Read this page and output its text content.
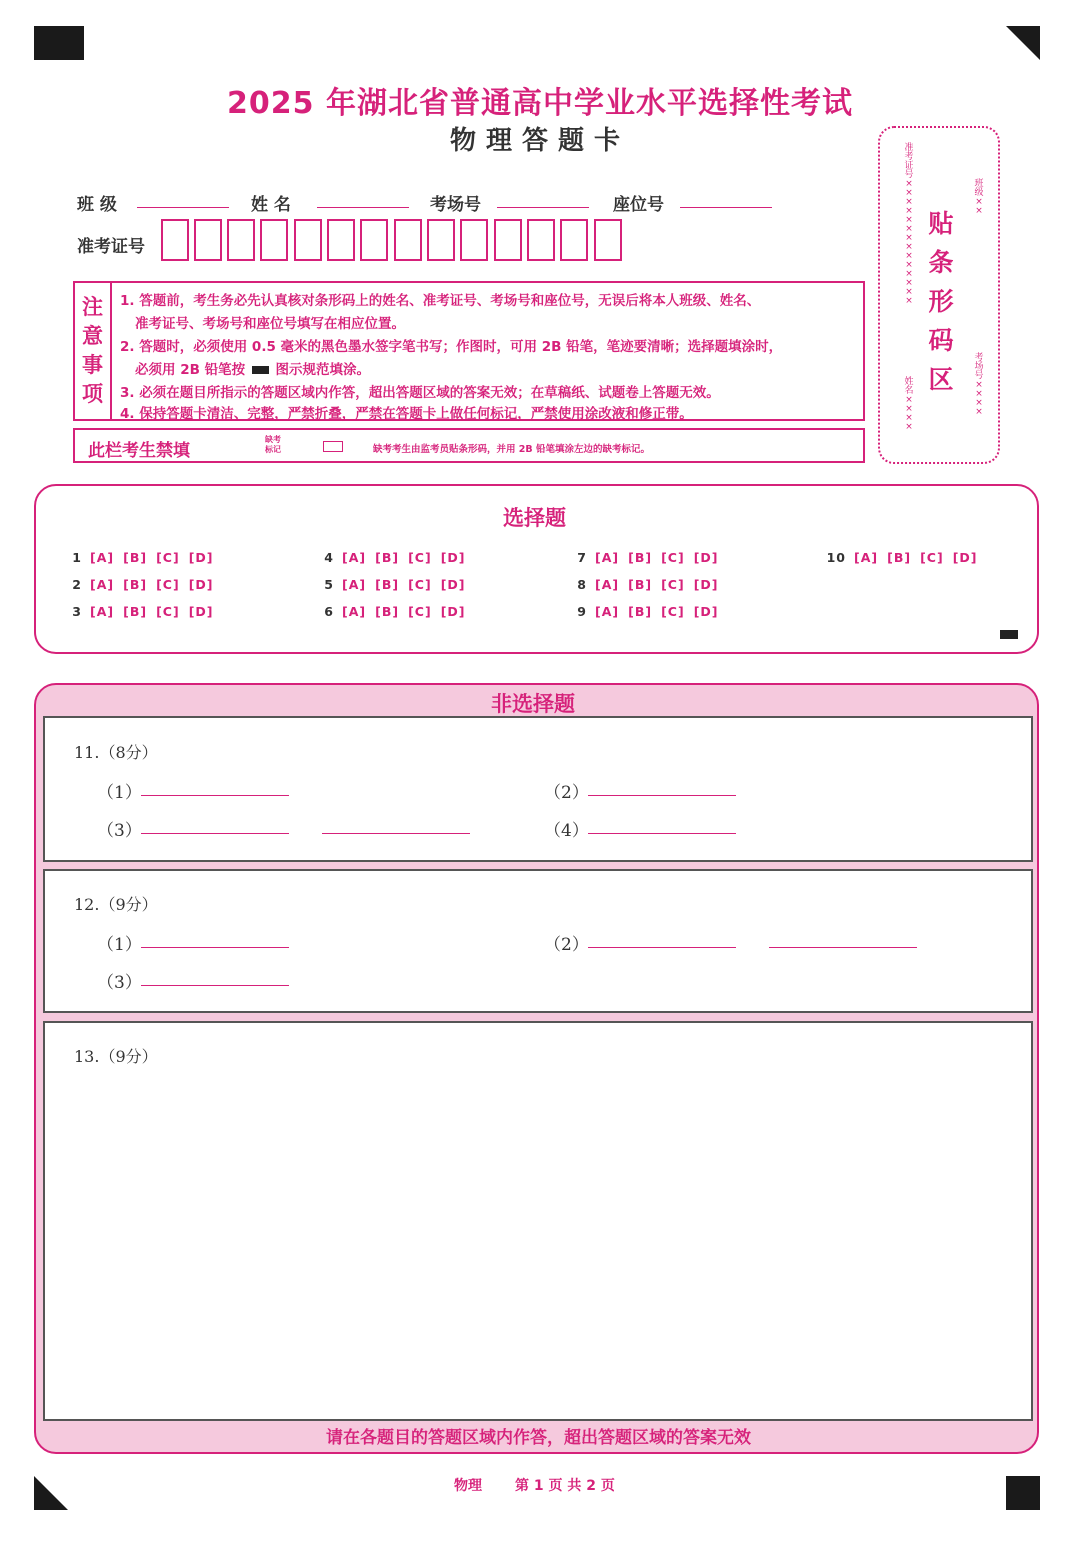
2025 年湖北省普通高中学业水平选择性考试
物理答题卡
班 级	姓 名	考场号	座位号
准考证号
注
意
事
项
1. 答题前，考生务必先认真核对条形码上的姓名、准考证号、考场号和座位号，无误后将本人班级、姓名、
准考证号、考场号和座位号填写在相应位置。
2. 答题时，必须使用 0.5 毫米的黑色墨水签字笔书写；作图时，可用 2B 铅笔，笔迹要清晰；选择题填涂时，
必须用 2B 铅笔按 图示规范填涂。
3. 必须在题目所指示的答题区域内作答，超出答题区域的答案无效；在草稿纸、试题卷上答题无效。
4. 保持答题卡清洁、完整，严禁折叠，严禁在答题卡上做任何标记，严禁使用涂改液和修正带。
此栏考生禁填
缺考标记	缺考考生由监考员贴条形码，并用 2B 铅笔填涂左边的缺考标记。
准考证号××××××××××××××
姓名××××
贴
条
形
码
区
班级××
考场号××××
选择题
1 [A] [B] [C] [D]
2 [A] [B] [C] [D]
3 [A] [B] [C] [D]
4 [A] [B] [C] [D]
5 [A] [B] [C] [D]
6 [A] [B] [C] [D]
7 [A] [B] [C] [D]
8 [A] [B] [C] [D]
9 [A] [B] [C] [D]
10 [A] [B] [C] [D]
非选择题
11.（8分）
（1）	（2）
（3）	（4）
12.（9分）
（1）	（2）
（3）
13.（9分）
请在各题目的答题区域内作答，超出答题区域的答案无效
物理 第 1 页 共 2 页
